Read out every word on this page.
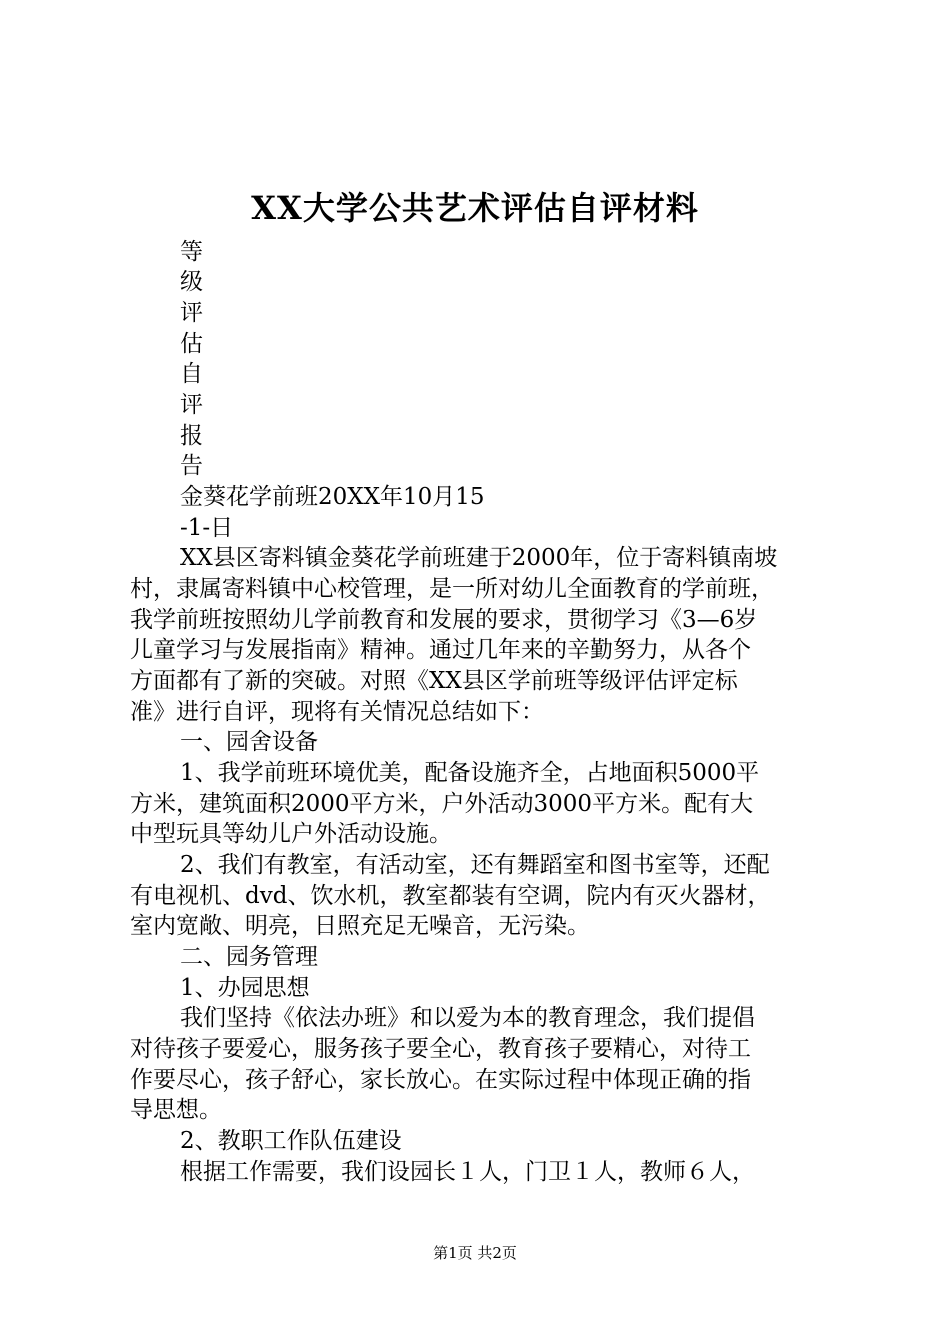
XX大学公共艺术评估自评材料
等
级
评
估
自
评
报
告
金葵花学前班20XX年10月15
-1-日
XX县区寄料镇金葵花学前班建于2000年，位于寄料镇南坡
村，隶属寄料镇中心校管理，是一所对幼儿全面教育的学前班，
我学前班按照幼儿学前教育和发展的要求，贯彻学习《3—6岁
儿童学习与发展指南》精神。通过几年来的辛勤努力，从各个
方面都有了新的突破。对照《XX县区学前班等级评估评定标
准》进行自评，现将有关情况总结如下：
一、园舍设备
1、我学前班环境优美，配备设施齐全，占地面积5000平
方米，建筑面积2000平方米，户外活动3000平方米。配有大
中型玩具等幼儿户外活动设施。
2、我们有教室，有活动室，还有舞蹈室和图书室等，还配
有电视机、dvd、饮水机，教室都装有空调，院内有灭火器材，
室内宽敞、明亮，日照充足无噪音，无污染。
二、园务管理
1、办园思想
我们坚持《依法办班》和以爱为本的教育理念，我们提倡
对待孩子要爱心，服务孩子要全心，教育孩子要精心，对待工
作要尽心，孩子舒心，家长放心。在实际过程中体现正确的指
导思想。
2、教职工作队伍建设
根据工作需要，我们设园长１人，门卫１人，教师６人，
第1页 共2页
